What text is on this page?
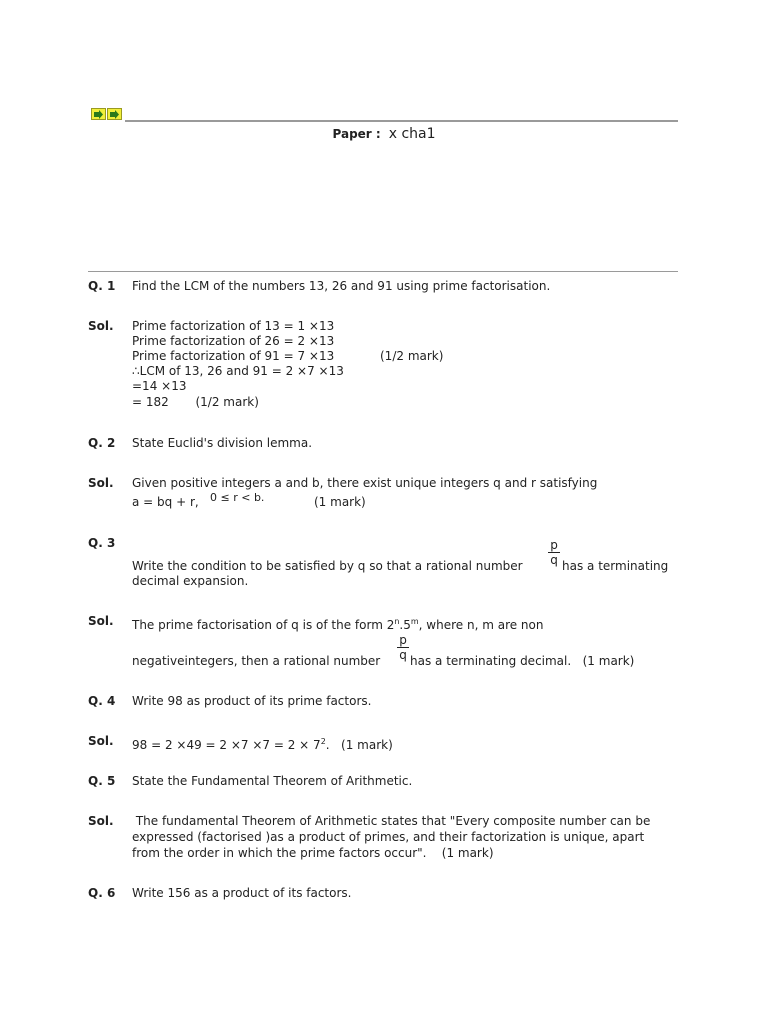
Paper : x cha1
Q. 1 Find the LCM of the numbers 13, 26 and 91 using prime factorisation.
Sol. Prime factorization of 13 = 1 ×13
Prime factorization of 26 = 2 ×13
Prime factorization of 91 = 7 ×13            (1/2 mark)
∴LCM of 13, 26 and 91 = 2 ×7 ×13
=14 ×13
= 182       (1/2 mark)
Q. 2 State Euclid's division lemma.
Sol. Given positive integers a and b, there exist unique integers q and r satisfying
a = bq + r, 0 ≤ r < b.	(1 mark)
Q. 3	$\frac{p}{q}$
Write the condition to be satisfied by q so that a rational number	has a terminating
decimal expansion.
Sol. The prime factorisation of q is of the form 2$^n$.5$^m$, where n, m are non
$\frac{p}{q}$
negativeintegers, then a rational number has a terminating decimal.   (1 mark)
Q. 4 Write 98 as product of its prime factors.
Sol. $98 = 2 \times 49 = 2 \times 7 \times 7 = 2 \times 7^2$.   (1 mark)
Q. 5 State the Fundamental Theorem of Arithmetic.
Sol. The fundamental Theorem of Arithmetic states that "Every composite number can be
expressed (factorised )as a product of primes, and their factorization is unique, apart
from the order in which the prime factors occur".    (1 mark)
Q. 6 Write 156 as a product of its factors.
